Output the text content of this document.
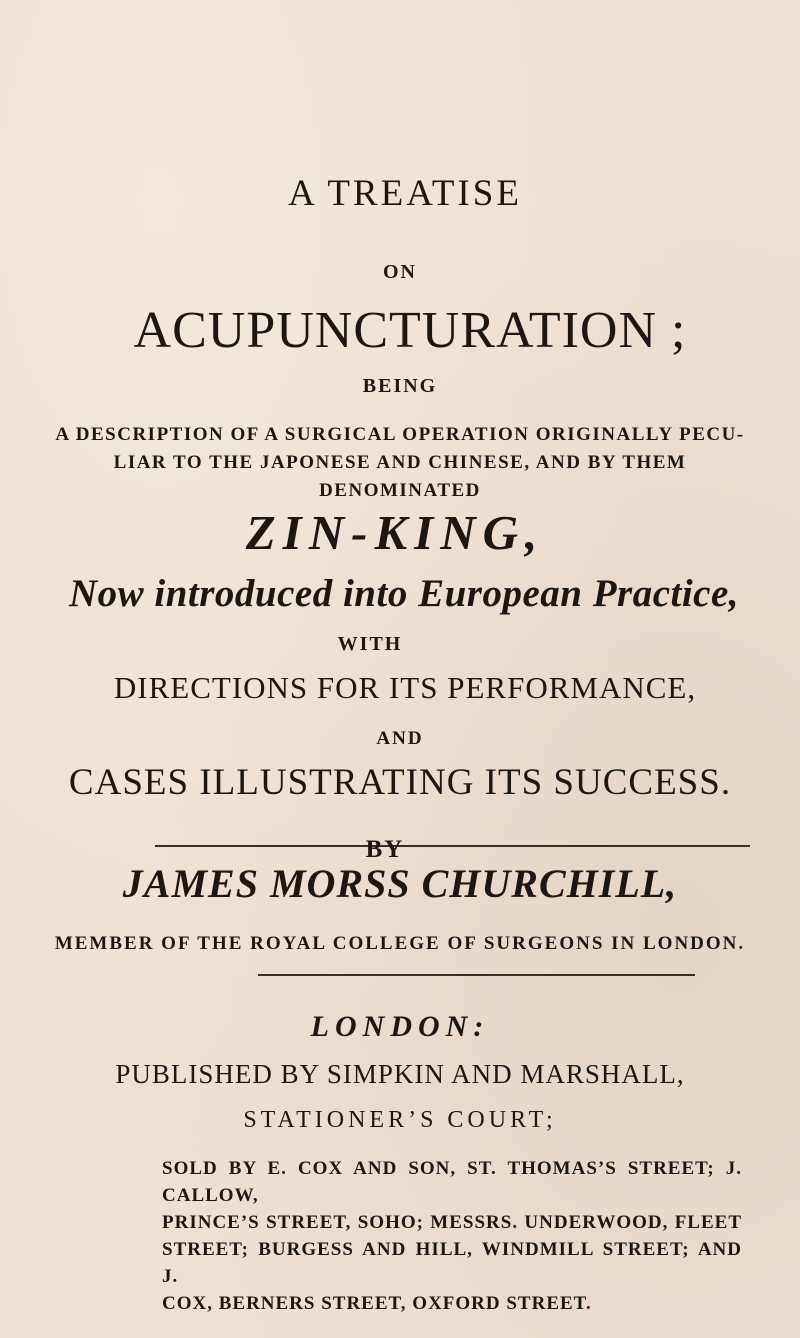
A TREATISE
ON
ACUPUNCTURATION ;
BEING
A DESCRIPTION OF A SURGICAL OPERATION ORIGINALLY PECU-
LIAR TO THE JAPONESE AND CHINESE, AND BY THEM
DENOMINATED
ZIN-KING,
Now introduced into European Practice,
WITH
DIRECTIONS FOR ITS PERFORMANCE,
AND
CASES ILLUSTRATING ITS SUCCESS.
BY
JAMES MORSS CHURCHILL,
MEMBER OF THE ROYAL COLLEGE OF SURGEONS IN LONDON.
LONDON:
PUBLISHED BY SIMPKIN AND MARSHALL,
STATIONER’S COURT;
SOLD BY E. COX AND SON, ST. THOMAS’S STREET; J. CALLOW,
PRINCE’S STREET, SOHO; MESSRS. UNDERWOOD, FLEET
STREET; BURGESS AND HILL, WINDMILL STREET; AND J.
COX, BERNERS STREET, OXFORD STREET.
